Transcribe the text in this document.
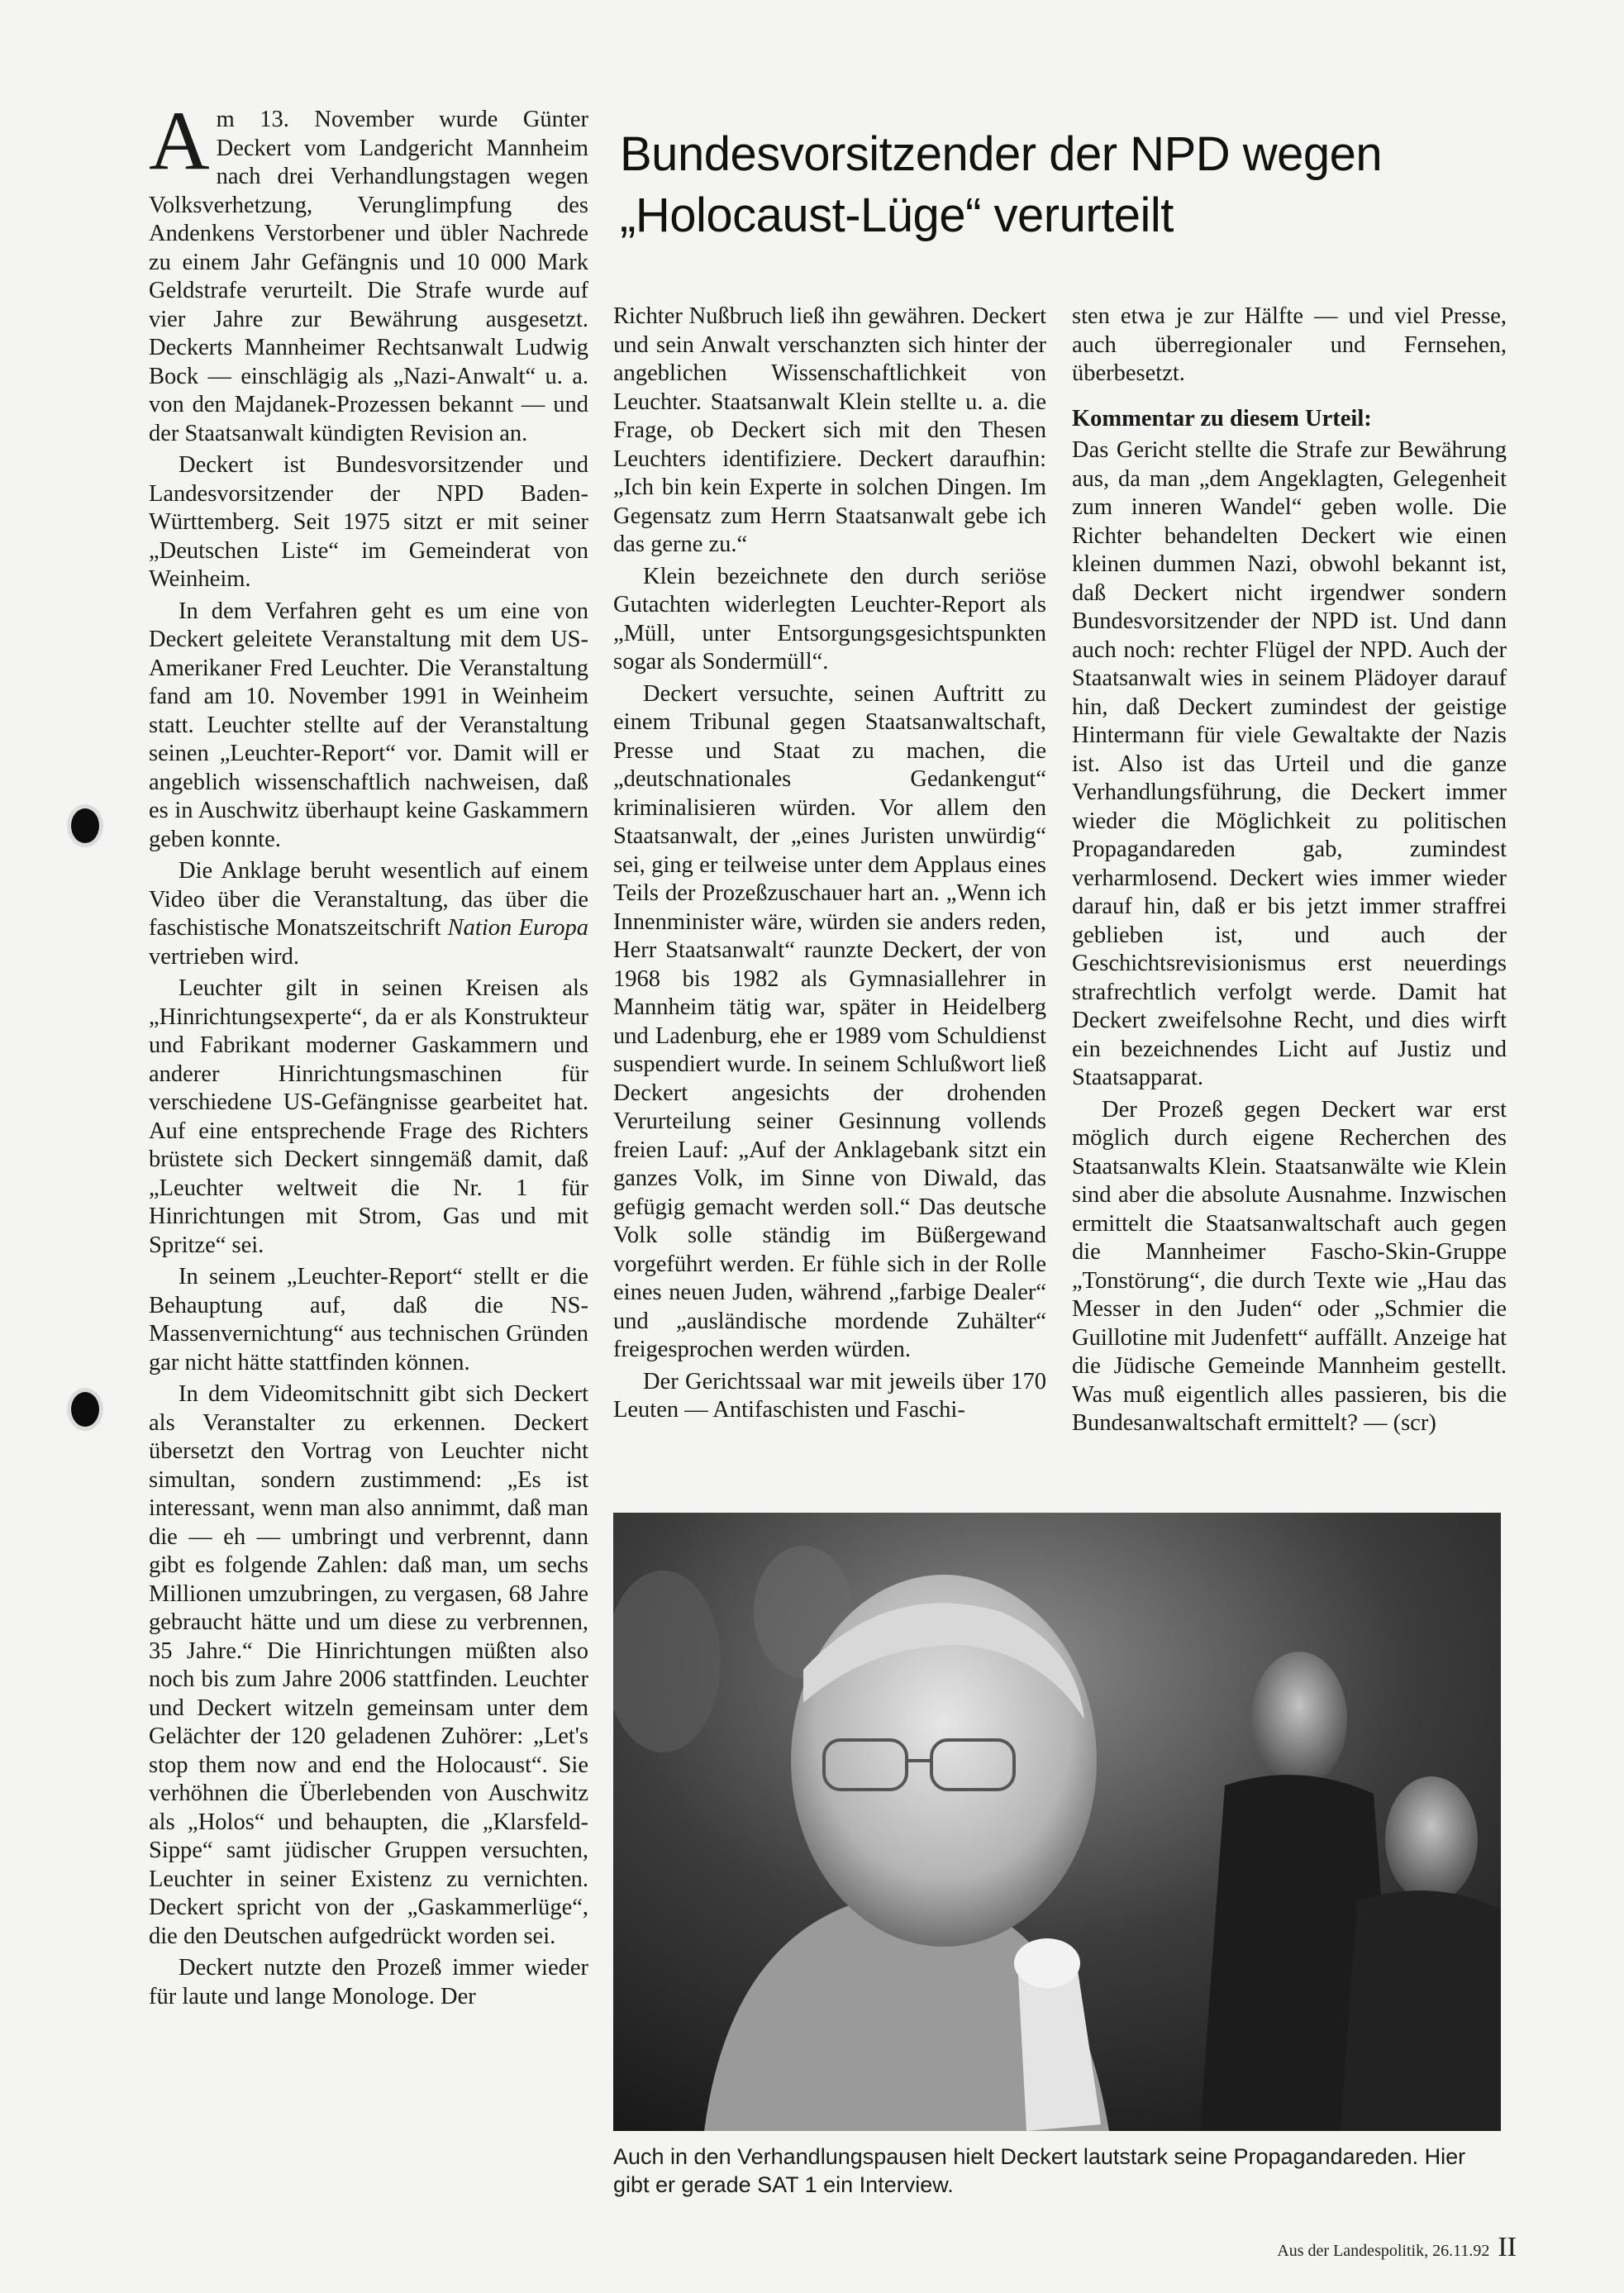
Am 13. November wurde Günter Deckert vom Landgericht Mannheim nach drei Verhandlungstagen wegen Volksverhetzung, Verunglimpfung des Andenkens Verstorbener und übler Nachrede zu einem Jahr Gefängnis und 10 000 Mark Geldstrafe verurteilt. Die Strafe wurde auf vier Jahre zur Bewährung ausgesetzt. Deckerts Mannheimer Rechtsanwalt Ludwig Bock — einschlägig als „Nazi-Anwalt“ u. a. von den Majdanek-Prozessen bekannt — und der Staatsanwalt kündigten Revision an.

Deckert ist Bundesvorsitzender und Landesvorsitzender der NPD Baden-Württemberg. Seit 1975 sitzt er mit seiner „Deutschen Liste“ im Gemeinderat von Weinheim.

In dem Verfahren geht es um eine von Deckert geleitete Veranstaltung mit dem US-Amerikaner Fred Leuchter. Die Veranstaltung fand am 10. November 1991 in Weinheim statt. Leuchter stellte auf der Veranstaltung seinen „Leuchter-Report“ vor. Damit will er angeblich wissenschaftlich nachweisen, daß es in Auschwitz überhaupt keine Gaskammern geben konnte.

Die Anklage beruht wesentlich auf einem Video über die Veranstaltung, das über die faschistische Monatszeitschrift Nation Europa vertrieben wird.

Leuchter gilt in seinen Kreisen als „Hinrichtungsexperte“, da er als Konstrukteur und Fabrikant moderner Gaskammern und anderer Hinrichtungsmaschinen für verschiedene US-Gefängnisse gearbeitet hat. Auf eine entsprechende Frage des Richters brüstete sich Deckert sinngemäß damit, daß „Leuchter weltweit die Nr. 1 für Hinrichtungen mit Strom, Gas und mit Spritze“ sei.

In seinem „Leuchter-Report“ stellt er die Behauptung auf, daß die NS-Massenvernichtung“ aus technischen Gründen gar nicht hätte stattfinden können.

In dem Videomitschnitt gibt sich Deckert als Veranstalter zu erkennen. Deckert übersetzt den Vortrag von Leuchter nicht simultan, sondern zustimmend: „Es ist interessant, wenn man also annimmt, daß man die — eh — umbringt und verbrennt, dann gibt es folgende Zahlen: daß man, um sechs Millionen umzubringen, zu vergasen, 68 Jahre gebraucht hätte und um diese zu verbrennen, 35 Jahre.“ Die Hinrichtungen müßten also noch bis zum Jahre 2006 stattfinden. Leuchter und Deckert witzeln gemeinsam unter dem Gelächter der 120 geladenen Zuhörer: „Let's stop them now and end the Holocaust“. Sie verhöhnen die Überlebenden von Auschwitz als „Holos“ und behaupten, die „Klarsfeld-Sippe“ samt jüdischer Gruppen versuchten, Leuchter in seiner Existenz zu vernichten. Deckert spricht von der „Gaskammerlüge“, die den Deutschen aufgedrückt worden sei.

Deckert nutzte den Prozeß immer wieder für laute und lange Monologe. Der

Bundesvorsitzender der NPD wegen
„Holocaust-Lüge“ verurteilt

Richter Nußbruch ließ ihn gewähren. Deckert und sein Anwalt verschanzten sich hinter der angeblichen Wissenschaftlichkeit von Leuchter. Staatsanwalt Klein stellte u. a. die Frage, ob Deckert sich mit den Thesen Leuchters identifiziere. Deckert daraufhin: „Ich bin kein Experte in solchen Dingen. Im Gegensatz zum Herrn Staatsanwalt gebe ich das gerne zu.“

Klein bezeichnete den durch seriöse Gutachten widerlegten Leuchter-Report als „Müll, unter Entsorgungsgesichtspunkten sogar als Sondermüll“.

Deckert versuchte, seinen Auftritt zu einem Tribunal gegen Staatsanwaltschaft, Presse und Staat zu machen, die „deutschnationales Gedankengut“ kriminalisieren würden. Vor allem den Staatsanwalt, der „eines Juristen unwürdig“ sei, ging er teilweise unter dem Applaus eines Teils der Prozeßzuschauer hart an. „Wenn ich Innenminister wäre, würden sie anders reden, Herr Staatsanwalt“ raunzte Deckert, der von 1968 bis 1982 als Gymnasiallehrer in Mannheim tätig war, später in Heidelberg und Ladenburg, ehe er 1989 vom Schuldienst suspendiert wurde. In seinem Schlußwort ließ Deckert angesichts der drohenden Verurteilung seiner Gesinnung vollends freien Lauf: „Auf der Anklagebank sitzt ein ganzes Volk, im Sinne von Diwald, das gefügig gemacht werden soll.“ Das deutsche Volk solle ständig im Büßergewand vorgeführt werden. Er fühle sich in der Rolle eines neuen Juden, während „farbige Dealer“ und „ausländische mordende Zuhälter“ freigesprochen werden würden.

Der Gerichtssaal war mit jeweils über 170 Leuten — Antifaschisten und Faschi-

sten etwa je zur Hälfte — und viel Presse, auch überregionaler und Fernsehen, überbesetzt.

Kommentar zu diesem Urteil:

Das Gericht stellte die Strafe zur Bewährung aus, da man „dem Angeklagten, Gelegenheit zum inneren Wandel“ geben wolle. Die Richter behandelten Deckert wie einen kleinen dummen Nazi, obwohl bekannt ist, daß Deckert nicht irgendwer sondern Bundesvorsitzender der NPD ist. Und dann auch noch: rechter Flügel der NPD. Auch der Staatsanwalt wies in seinem Plädoyer darauf hin, daß Deckert zumindest der geistige Hintermann für viele Gewaltakte der Nazis ist. Also ist das Urteil und die ganze Verhandlungsführung, die Deckert immer wieder die Möglichkeit zu politischen Propagandareden gab, zumindest verharmlosend. Deckert wies immer wieder darauf hin, daß er bis jetzt immer straffrei geblieben ist, und auch der Geschichtsrevisionismus erst neuerdings strafrechtlich verfolgt werde. Damit hat Deckert zweifelsohne Recht, und dies wirft ein bezeichnendes Licht auf Justiz und Staatsapparat.

Der Prozeß gegen Deckert war erst möglich durch eigene Recherchen des Staatsanwalts Klein. Staatsanwälte wie Klein sind aber die absolute Ausnahme. Inzwischen ermittelt die Staatsanwaltschaft auch gegen die Mannheimer Fascho-Skin-Gruppe „Tonstörung“, die durch Texte wie „Hau das Messer in den Juden“ oder „Schmier die Guillotine mit Judenfett“ auffällt. Anzeige hat die Jüdische Gemeinde Mannheim gestellt. Was muß eigentlich alles passieren, bis die Bundesanwaltschaft ermittelt? — (scr)

Auch in den Verhandlungspausen hielt Deckert lautstark seine Propagandareden. Hier gibt er gerade SAT 1 ein Interview.
Aus der Landespolitik, 26.11.92 II
